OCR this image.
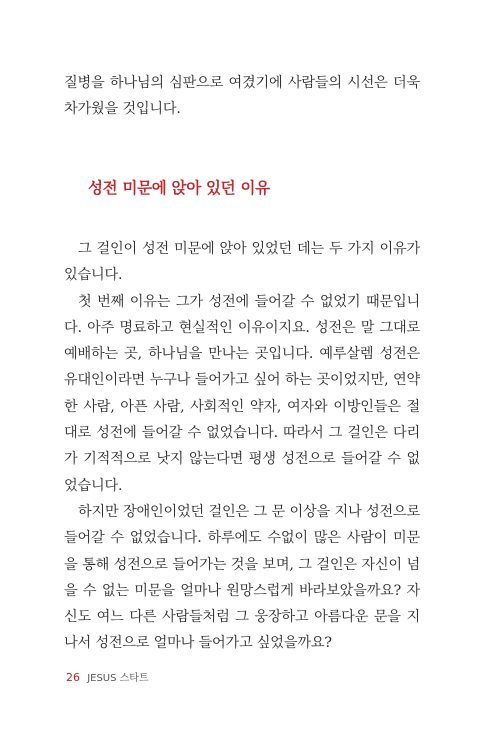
질병을 하나님의 심판으로 여겼기에 사람들의 시선은 더욱 차가웠을 것입니다.

성전 미문에 앉아 있던 이유

그 걸인이 성전 미문에 앉아 있었던 데는 두 가지 이유가 있습니다.

첫 번째 이유는 그가 성전에 들어갈 수 없었기 때문입니다. 아주 명료하고 현실적인 이유이지요. 성전은 말 그대로 예배하는 곳, 하나님을 만나는 곳입니다. 예루살렘 성전은 유대인이라면 누구나 들어가고 싶어 하는 곳이었지만, 연약한 사람, 아픈 사람, 사회적인 약자, 여자와 이방인들은 절대로 성전에 들어갈 수 없었습니다. 따라서 그 걸인은 다리가 기적적으로 낫지 않는다면 평생 성전으로 들어갈 수 없었습니다.

하지만 장애인이었던 걸인은 그 문 이상을 지나 성전으로 들어갈 수 없었습니다. 하루에도 수없이 많은 사람이 미문을 통해 성전으로 들어가는 것을 보며, 그 걸인은 자신이 넘을 수 없는 미문을 얼마나 원망스럽게 바라보았을까요? 자신도 여느 다른 사람들처럼 그 웅장하고 아름다운 문을 지나서 성전으로 얼마나 들어가고 싶었을까요?

26 JESUS 스타트
